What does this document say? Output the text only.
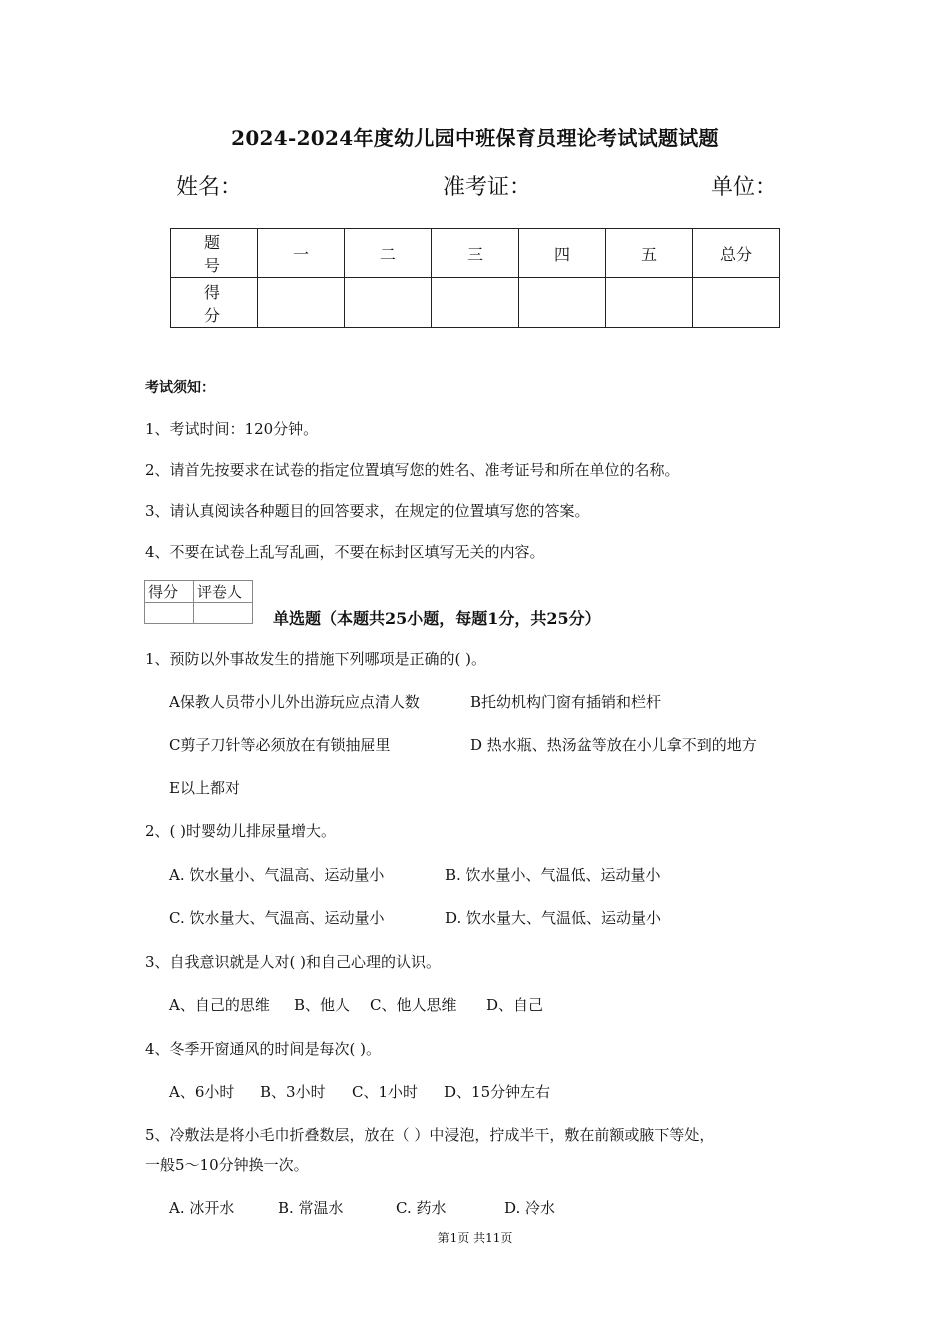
2024-2024年度幼儿园中班保育员理论考试试题试题
姓名：	准考证：	单位：
题 号	一	二	三	四	五	总分
得 分						
考试须知：
1、考试时间：120分钟。
2、请首先按要求在试卷的指定位置填写您的姓名、准考证号和所在单位的名称。
3、请认真阅读各种题目的回答要求，在规定的位置填写您的答案。
4、不要在试卷上乱写乱画，不要在标封区填写无关的内容。
得分	评卷人

单选题（本题共25小题，每题1分，共25分）
1、预防以外事故发生的措施下列哪项是正确的( )。
A保教人员带小儿外出游玩应点清人数	B托幼机构门窗有插销和栏杆
C剪子刀针等必须放在有锁抽屉里	D 热水瓶、热汤盆等放在小儿拿不到的地方
E以上都对
2、( )时婴幼儿排尿量增大。
A. 饮水量小、气温高、运动量小	B. 饮水量小、气温低、运动量小
C. 饮水量大、气温高、运动量小	D. 饮水量大、气温低、运动量小
3、自我意识就是人对( )和自己心理的认识。
A、自己的思维 B、他人 C、他人思维 D、自己
4、冬季开窗通风的时间是每次( )。
A、6小时 B、3小时 C、1小时 D、15分钟左右
5、冷敷法是将小毛巾折叠数层，放在（ ）中浸泡，拧成半干，敷在前额或腋下等处，
一般5～10分钟换一次。
A. 冰开水	B. 常温水	C. 药水	D. 冷水
第1页 共11页
